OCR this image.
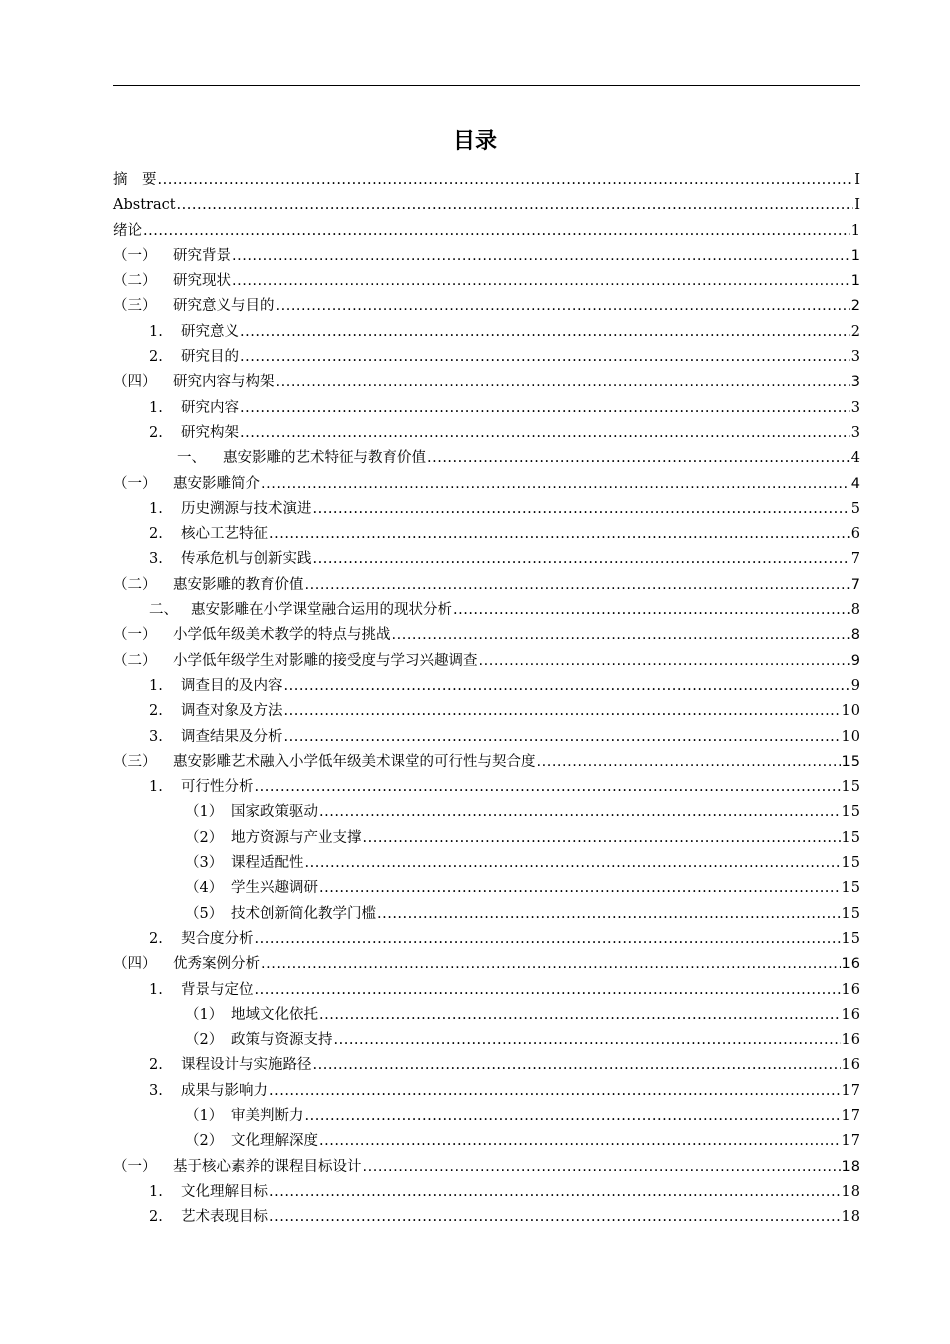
目录
摘　要 .....	I
Abstract .....	I
绪论 .....	1
（一）	研究背景 .....	1
（二）	研究现状 .....	1
（三）	研究意义与目的 .....	2
1.	研究意义 .....	2
2.	研究目的 .....	3
（四）	研究内容与构架 .....	3
1.	研究内容 .....	3
2.	研究构架 .....	3
一、	惠安影雕的艺术特征与教育价值 .....	4
（一）	惠安影雕简介 .....	4
1.	历史溯源与技术演进 .....	5
2.	核心工艺特征 .....	6
3.	传承危机与创新实践 .....	7
（二）	惠安影雕的教育价值 .....	7
二、 惠安影雕在小学课堂融合运用的现状分析 .....	8
（一）	小学低年级美术教学的特点与挑战 .....	8
（二）	小学低年级学生对影雕的接受度与学习兴趣调查 .....	9
1.	调查目的及内容 .....	9
2.	调查对象及方法 .....	10
3.	调查结果及分析 .....	10
（三）	惠安影雕艺术融入小学低年级美术课堂的可行性与契合度 .....	15
1.	可行性分析 .....	15
（1） 国家政策驱动 .....	15
（2） 地方资源与产业支撑 .....	15
（3） 课程适配性 .....	15
（4） 学生兴趣调研 .....	15
（5） 技术创新简化教学门槛 .....	15
2.	契合度分析 .....	15
（四）	优秀案例分析 .....	16
1.	背景与定位 .....	16
（1） 地域文化依托 .....	16
（2） 政策与资源支持 .....	16
2.	课程设计与实施路径 .....	16
3.	成果与影响力 .....	17
（1） 审美判断力 .....	17
（2） 文化理解深度 .....	17
（一）	基于核心素养的课程目标设计 .....	18
1.	文化理解目标 .....	18
2.	艺术表现目标 .....	18
